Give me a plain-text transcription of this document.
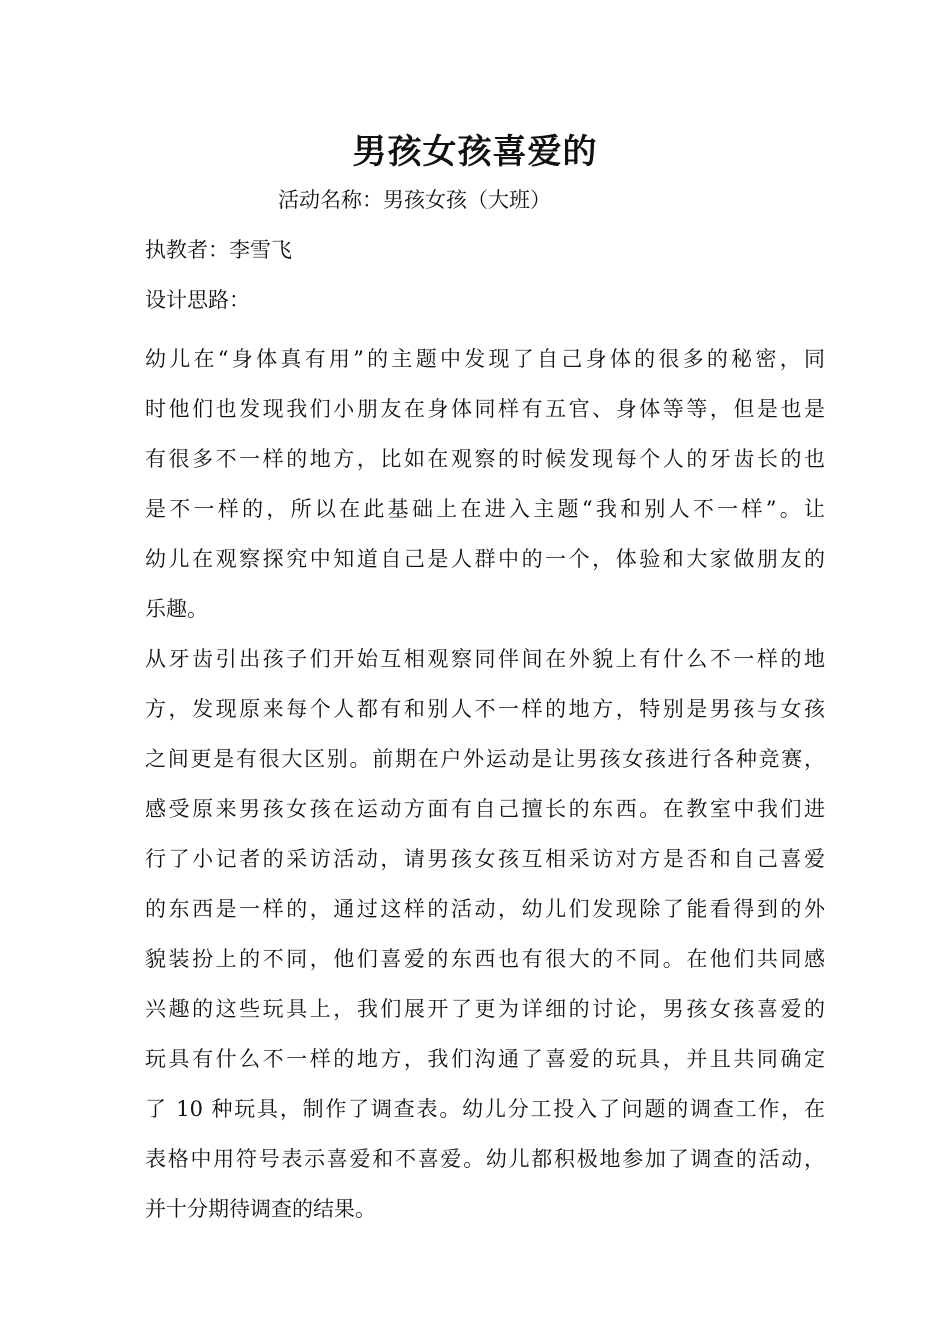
男孩女孩喜爱的
活动名称：男孩女孩（大班）
执教者：李雪飞
设计思路：
幼儿在“身体真有用”的主题中发现了自己身体的很多的秘密，同
时他们也发现我们小朋友在身体同样有五官、身体等等，但是也是
有很多不一样的地方，比如在观察的时候发现每个人的牙齿长的也
是不一样的，所以在此基础上在进入主题“我和别人不一样”。让
幼儿在观察探究中知道自己是人群中的一个，体验和大家做朋友的
乐趣。
从牙齿引出孩子们开始互相观察同伴间在外貌上有什么不一样的地
方，发现原来每个人都有和别人不一样的地方，特别是男孩与女孩
之间更是有很大区别。前期在户外运动是让男孩女孩进行各种竞赛，
感受原来男孩女孩在运动方面有自己擅长的东西。在教室中我们进
行了小记者的采访活动，请男孩女孩互相采访对方是否和自己喜爱
的东西是一样的，通过这样的活动，幼儿们发现除了能看得到的外
貌装扮上的不同，他们喜爱的东西也有很大的不同。在他们共同感
兴趣的这些玩具上，我们展开了更为详细的讨论，男孩女孩喜爱的
玩具有什么不一样的地方，我们沟通了喜爱的玩具，并且共同确定
了 10 种玩具，制作了调查表。幼儿分工投入了问题的调查工作，在
表格中用符号表示喜爱和不喜爱。幼儿都积极地参加了调查的活动，
并十分期待调查的结果。
